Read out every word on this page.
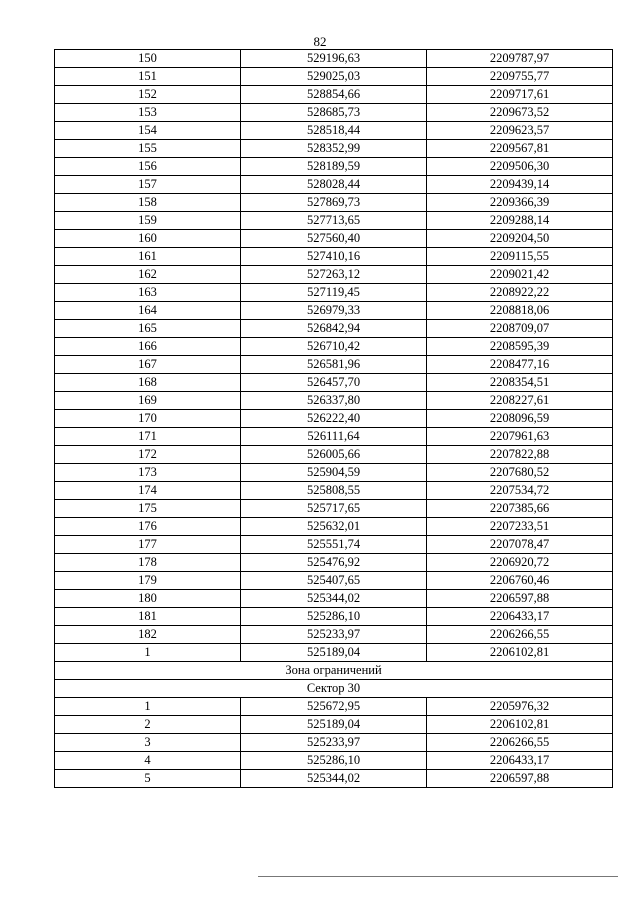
82
150	529196,63	2209787,97
151	529025,03	2209755,77
152	528854,66	2209717,61
153	528685,73	2209673,52
154	528518,44	2209623,57
155	528352,99	2209567,81
156	528189,59	2209506,30
157	528028,44	2209439,14
158	527869,73	2209366,39
159	527713,65	2209288,14
160	527560,40	2209204,50
161	527410,16	2209115,55
162	527263,12	2209021,42
163	527119,45	2208922,22
164	526979,33	2208818,06
165	526842,94	2208709,07
166	526710,42	2208595,39
167	526581,96	2208477,16
168	526457,70	2208354,51
169	526337,80	2208227,61
170	526222,40	2208096,59
171	526111,64	2207961,63
172	526005,66	2207822,88
173	525904,59	2207680,52
174	525808,55	2207534,72
175	525717,65	2207385,66
176	525632,01	2207233,51
177	525551,74	2207078,47
178	525476,92	2206920,72
179	525407,65	2206760,46
180	525344,02	2206597,88
181	525286,10	2206433,17
182	525233,97	2206266,55
1	525189,04	2206102,81
Зона ограничений		
Сектор 30		
1	525672,95	2205976,32
2	525189,04	2206102,81
3	525233,97	2206266,55
4	525286,10	2206433,17
5	525344,02	2206597,88
